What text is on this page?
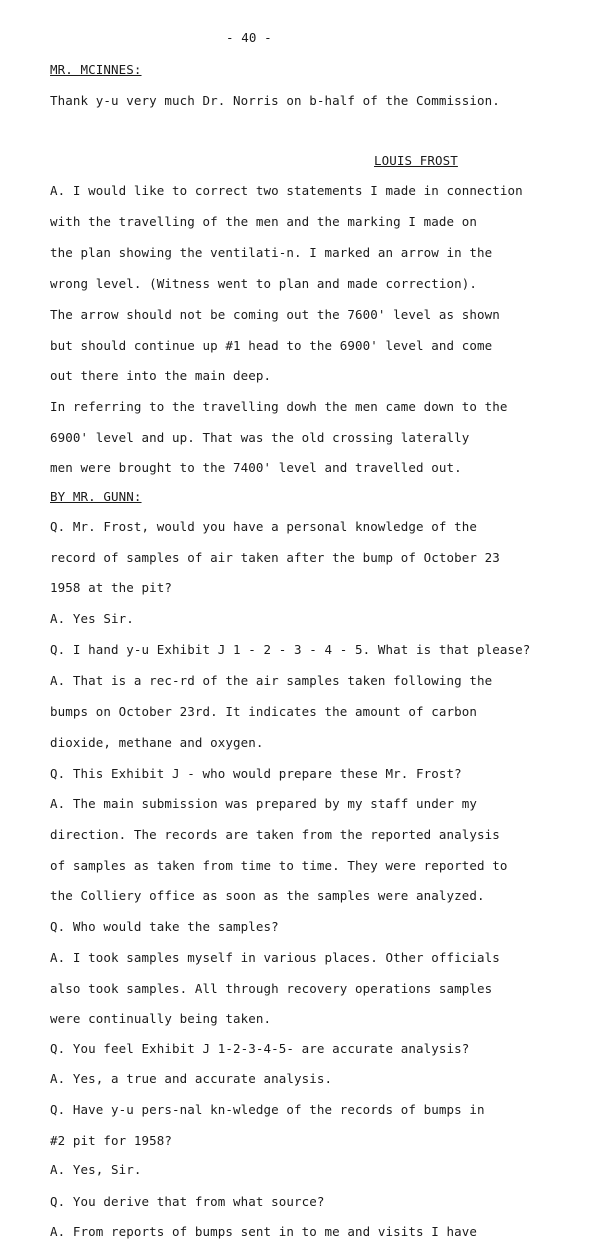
- 40 -
MR. MCINNES:
Thank y-u very much Dr. Norris on b-half of the Commission.
LOUIS FROST
A. I would like to correct two statements I made in connection
with the travelling of the men and the marking I made on
the plan showing the ventilati-n. I marked an arrow in the
wrong level. (Witness went to plan and made correction).
The arrow should not be coming out the 7600' level as shown
but should continue up #1 head to the 6900' level and come
out there into the main deep.
In referring to the travelling dowh the men came down to the
6900' level and up. That was the old crossing laterally
men were brought to the 7400' level and travelled out.
BY MR. GUNN:
Q. Mr. Frost, would you have a personal knowledge of the
record of samples of air taken after the bump of October 23
1958 at the pit?
A. Yes Sir.
Q. I hand y-u Exhibit J 1 - 2 - 3 - 4 - 5. What is that please?
A. That is a rec-rd of the air samples taken following the
bumps on October 23rd. It indicates the amount of carbon
dioxide, methane and oxygen.
Q. This Exhibit J - who would prepare these Mr. Frost?
A. The main submission was prepared by my staff under my
direction. The records are taken from the reported analysis
of samples as taken from time to time. They were reported to
the Colliery office as soon as the samples were analyzed.
Q. Who would take the samples?
A. I took samples myself in various places. Other officials
also took samples. All through recovery operations samples
were continually being taken.
Q. You feel Exhibit J 1-2-3-4-5- are accurate analysis?
A. Yes, a true and accurate analysis.
Q. Have y-u pers-nal kn-wledge of the records of bumps in
#2 pit for 1958?
A. Yes, Sir.
Q. You derive that from what source?
A. From reports of bumps sent in to me and visits I have
